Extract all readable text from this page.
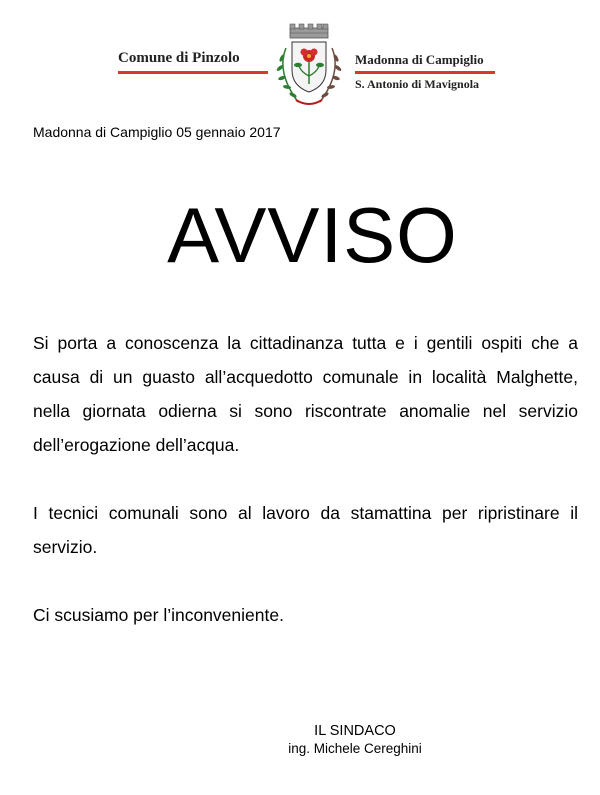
Comune di Pinzolo	Madonna di Campiglio
S. Antonio di Mavignola
Madonna di Campiglio 05 gennaio 2017
AVVISO

Si porta a conoscenza la cittadinanza tutta e i gentili ospiti che a causa di un guasto all’acquedotto comunale in località Malghette, nella giornata odierna si sono riscontrate anomalie nel servizio dell’erogazione dell’acqua.

I tecnici comunali sono al lavoro da stamattina per ripristinare il servizio.

Ci scusiamo per l’inconveniente.

IL SINDACO
ing. Michele Cereghini
